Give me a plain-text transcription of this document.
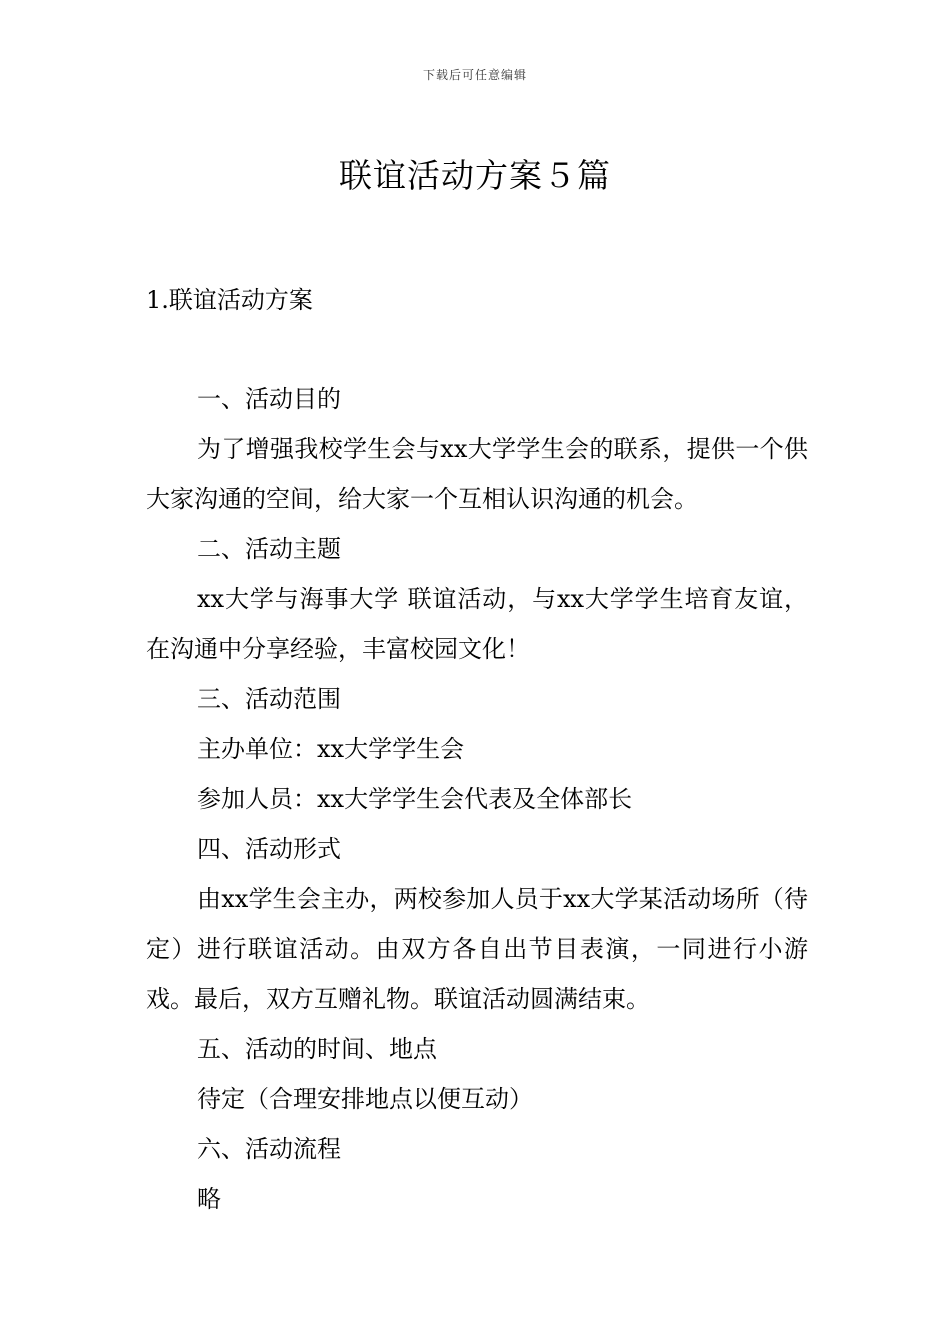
下载后可任意编辑
联谊活动方案５篇
1.联谊活动方案

一、活动目的

为了增强我校学生会与xx大学学生会的联系，提供一个供大家沟通的空间，给大家一个互相认识沟通的机会。

二、活动主题

xx大学与海事大学 联谊活动，与xx大学学生培育友谊，在沟通中分享经验，丰富校园文化！

三、活动范围

主办单位：xx大学学生会

参加人员：xx大学学生会代表及全体部长

四、活动形式

由xx学生会主办，两校参加人员于xx大学某活动场所（待定）进行联谊活动。由双方各自出节目表演，一同进行小游戏。最后，双方互赠礼物。联谊活动圆满结束。

五、活动的时间、地点

待定（合理安排地点以便互动）

六、活动流程

略
